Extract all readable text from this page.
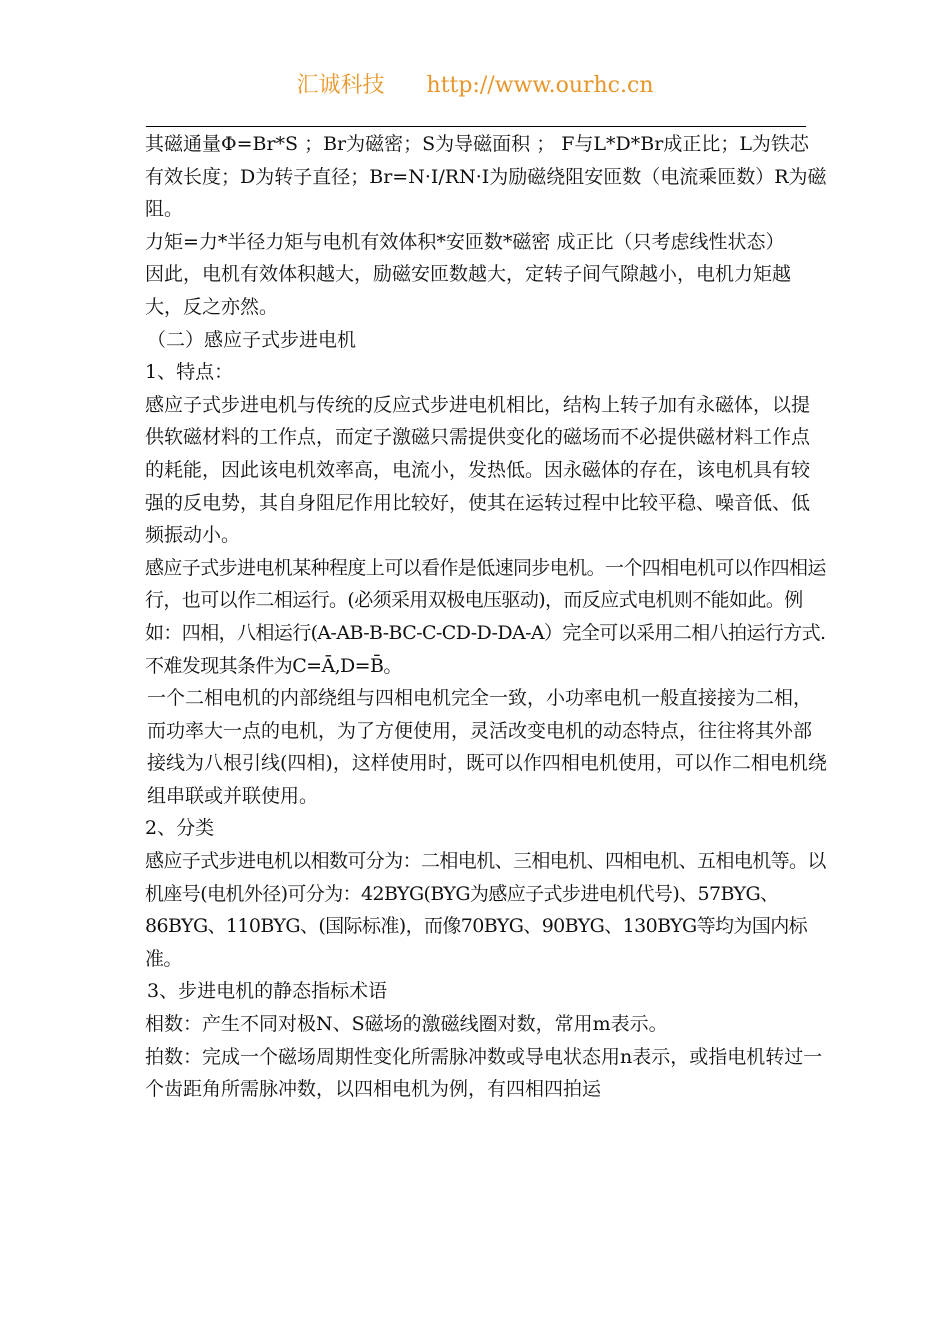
汇诚科技 http://www.ourhc.cn

其磁通量Φ=Br*S ；Br为磁密；S为导磁面积 ； F与L*D*Br成正比；L为铁芯有效长度；D为转子直径；Br=N·I/RN·I为励磁绕阻安匝数（电流乘匝数）R为磁阻。

力矩=力*半径力矩与电机有效体积*安匝数*磁密 成正比（只考虑线性状态）

因此，电机有效体积越大，励磁安匝数越大，定转子间气隙越小，电机力矩越大，反之亦然。

（二）感应子式步进电机

1、特点：

感应子式步进电机与传统的反应式步进电机相比，结构上转子加有永磁体，以提供软磁材料的工作点，而定子激磁只需提供变化的磁场而不必提供磁材料工作点的耗能，因此该电机效率高，电流小，发热低。因永磁体的存在，该电机具有较强的反电势，其自身阻尼作用比较好，使其在运转过程中比较平稳、噪音低、低频振动小。

感应子式步进电机某种程度上可以看作是低速同步电机。一个四相电机可以作四相运行，也可以作二相运行。(必须采用双极电压驱动)，而反应式电机则不能如此。例如：四相，八相运行(A-AB-B-BC-C-CD-D-DA-A）完全可以采用二相八拍运行方式.不难发现其条件为C=Ā,D=B̄。

一个二相电机的内部绕组与四相电机完全一致，小功率电机一般直接接为二相，而功率大一点的电机，为了方便使用，灵活改变电机的动态特点，往往将其外部接线为八根引线(四相)，这样使用时，既可以作四相电机使用，可以作二相电机绕组串联或并联使用。

2、分类

感应子式步进电机以相数可分为：二相电机、三相电机、四相电机、五相电机等。以机座号(电机外径)可分为：42BYG(BYG为感应子式步进电机代号)、57BYG、86BYG、110BYG、(国际标准)，而像70BYG、90BYG、130BYG等均为国内标准。

3、步进电机的静态指标术语

相数：产生不同对极N、S磁场的激磁线圈对数，常用m表示。

拍数：完成一个磁场周期性变化所需脉冲数或导电状态用n表示，或指电机转过一个齿距角所需脉冲数，以四相电机为例，有四相四拍运
